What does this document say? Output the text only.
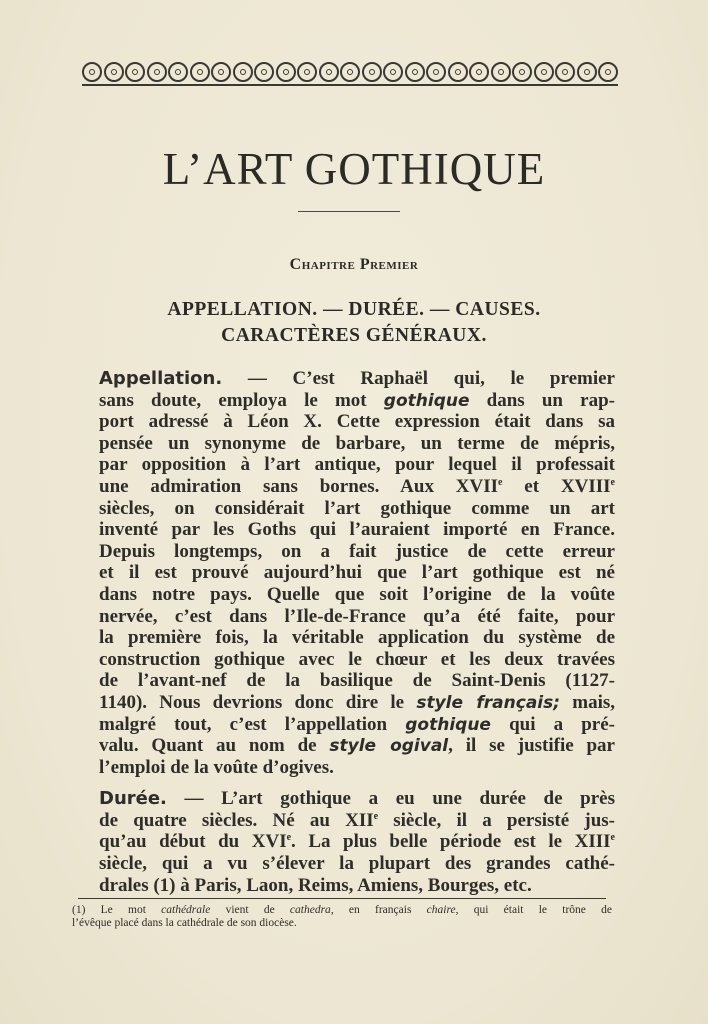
L’ART GOTHIQUE
Chapitre Premier
APPELLATION. — DURÉE. — CAUSES.
CARACTÈRES GÉNÉRAUX.
Appellation. — C’est Raphaël qui, le premier
sans doute, employa le mot gothique dans un rap-
port adressé à Léon X. Cette expression était dans sa
pensée un synonyme de barbare, un terme de mépris,
par opposition à l’art antique, pour lequel il professait
une admiration sans bornes. Aux XVIIe et XVIIIe
siècles, on considérait l’art gothique comme un art
inventé par les Goths qui l’auraient importé en France.
Depuis longtemps, on a fait justice de cette erreur
et il est prouvé aujourd’hui que l’art gothique est né
dans notre pays. Quelle que soit l’origine de la voûte
nervée, c’est dans l’Ile-de-France qu’a été faite, pour
la première fois, la véritable application du système de
construction gothique avec le chœur et les deux travées
de l’avant-nef de la basilique de Saint-Denis (1127-
1140). Nous devrions donc dire le style français; mais,
malgré tout, c’est l’appellation gothique qui a pré-
valu. Quant au nom de style ogival, il se justifie par
l’emploi de la voûte d’ogives.
Durée. — L’art gothique a eu une durée de près
de quatre siècles. Né au XIIe siècle, il a persisté jus-
qu’au début du XVIe. La plus belle période est le XIIIe
siècle, qui a vu s’élever la plupart des grandes cathé-
drales (1) à Paris, Laon, Reims, Amiens, Bourges, etc.
(1) Le mot cathédrale vient de cathedra, en français chaire, qui était le trône de
l’évêque placé dans la cathédrale de son diocèse.
